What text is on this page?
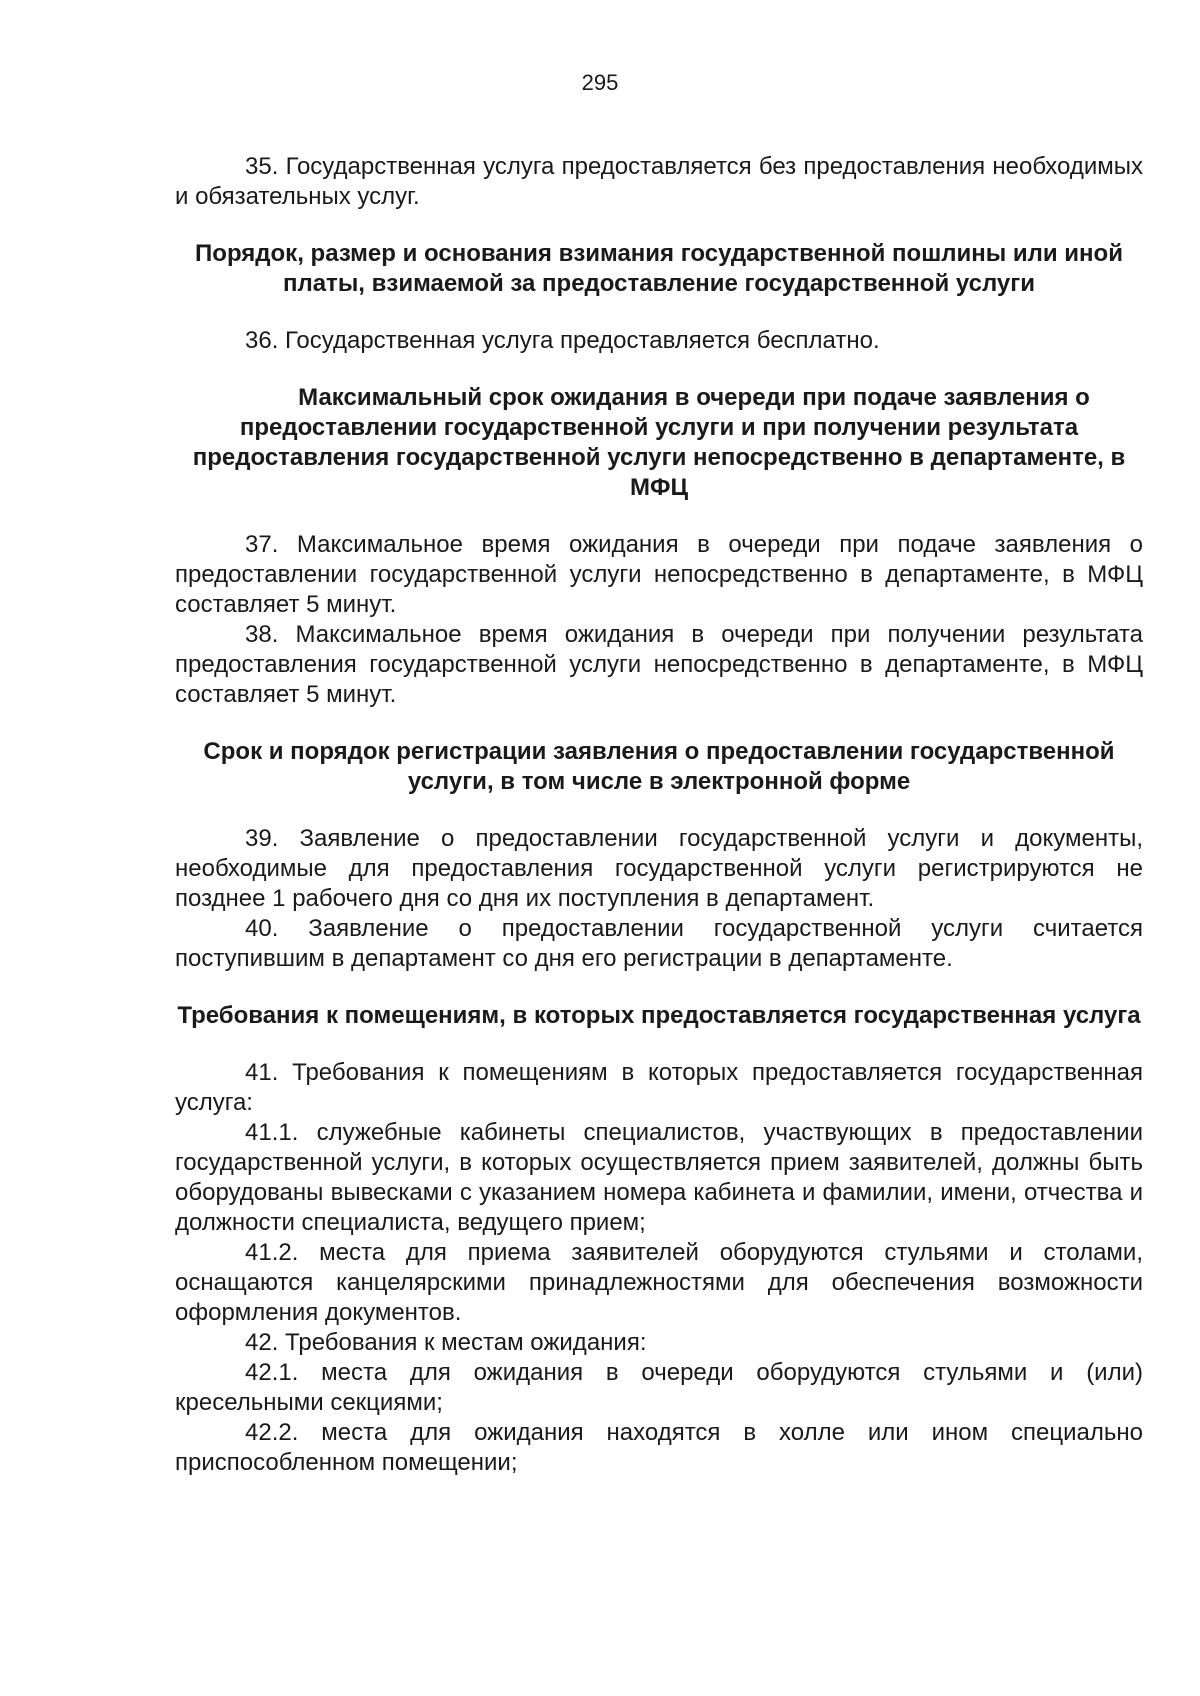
295

35. Государственная услуга предоставляется без предоставления необходимых и обязательных услуг.

Порядок, размер и основания взимания государственной пошлины или иной платы, взимаемой за предоставление государственной услуги

36. Государственная услуга предоставляется бесплатно.

Максимальный срок ожидания в очереди при подаче заявления о предоставлении государственной услуги и при получении результата предоставления государственной услуги непосредственно в департаменте, в МФЦ

37. Максимальное время ожидания в очереди при подаче заявления о предоставлении государственной услуги непосредственно в департаменте, в МФЦ составляет 5 минут.

38. Максимальное время ожидания в очереди при получении результата предоставления государственной услуги непосредственно в департаменте, в МФЦ составляет 5 минут.

Срок и порядок регистрации заявления о предоставлении государственной услуги, в том числе в электронной форме

39. Заявление о предоставлении государственной услуги и документы, необходимые для предоставления государственной услуги регистрируются не позднее 1 рабочего дня со дня их поступления в департамент.

40. Заявление о предоставлении государственной услуги считается поступившим в департамент со дня его регистрации в департаменте.

Требования к помещениям, в которых предоставляется государственная услуга

41. Требования к помещениям в которых предоставляется государственная услуга:

41.1. служебные кабинеты специалистов, участвующих в предоставлении государственной услуги, в которых осуществляется прием заявителей, должны быть оборудованы вывесками с указанием номера кабинета и фамилии, имени, отчества и должности специалиста, ведущего прием;

41.2. места для приема заявителей оборудуются стульями и столами, оснащаются канцелярскими принадлежностями для обеспечения возможности оформления документов.

42. Требования к местам ожидания:

42.1. места для ожидания в очереди оборудуются стульями и (или) кресельными секциями;

42.2. места для ожидания находятся в холле или ином специально приспособленном помещении;
